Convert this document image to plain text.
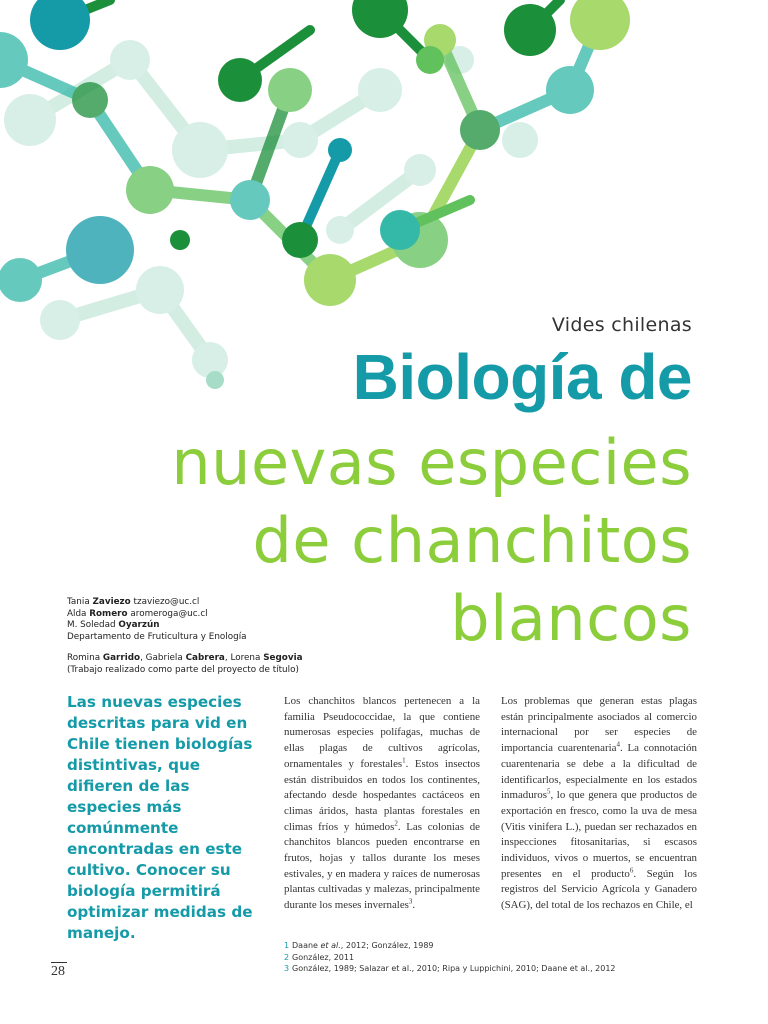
Vides chilenas
Biología de
nuevas especies
de chanchitos
blancos
Tania Zaviezo tzaviezo@uc.cl
Alda Romero aromeroga@uc.cl
M. Soledad Oyarzún
Departamento de Fruticultura y Enología
Romina Garrido, Gabriela Cabrera, Lorena Segovia
(Trabajo realizado como parte del proyecto de título)
Las nuevas especies descritas para vid en Chile tienen biologías distintivas, que difieren de las especies más comúnmente encontradas en este cultivo. Conocer su biología permitirá optimizar medidas de manejo.
Los chanchitos blancos pertenecen a la familia Pseudococcidae, la que contiene numerosas especies polífagas, muchas de ellas plagas de cultivos agrícolas, ornamentales y forestales$^1$. Estos insectos están distribuidos en todos los continentes, afectando desde hospedantes cactáceos en climas áridos, hasta plantas forestales en climas fríos y húmedos$^2$. Las colonias de chanchitos blancos pueden encontrarse en frutos, hojas y tallos durante los meses estivales, y en madera y raíces de numerosas plantas cultivadas y malezas, principalmente durante los meses invernales$^3$.
Los problemas que generan estas plagas están principalmente asociados al comercio internacional por ser especies de importancia cuarentenaria$^4$. La connotación cuarentenaria se debe a la dificultad de identificarlos, especialmente en los estados inmaduros$^5$, lo que genera que productos de exportación en fresco, como la uva de mesa (Vitis vinifera L.), puedan ser rechazados en inspecciones fitosanitarias, si escasos individuos, vivos o muertos, se encuentran presentes en el producto$^6$. Según los registros del Servicio Agrícola y Ganadero (SAG), del total de los rechazos en Chile, el
1 Daane et al., 2012; González, 1989
2 González, 2011
3 González, 1989; Salazar et al., 2010; Ripa y Luppichini, 2010; Daane et al., 2012
28
